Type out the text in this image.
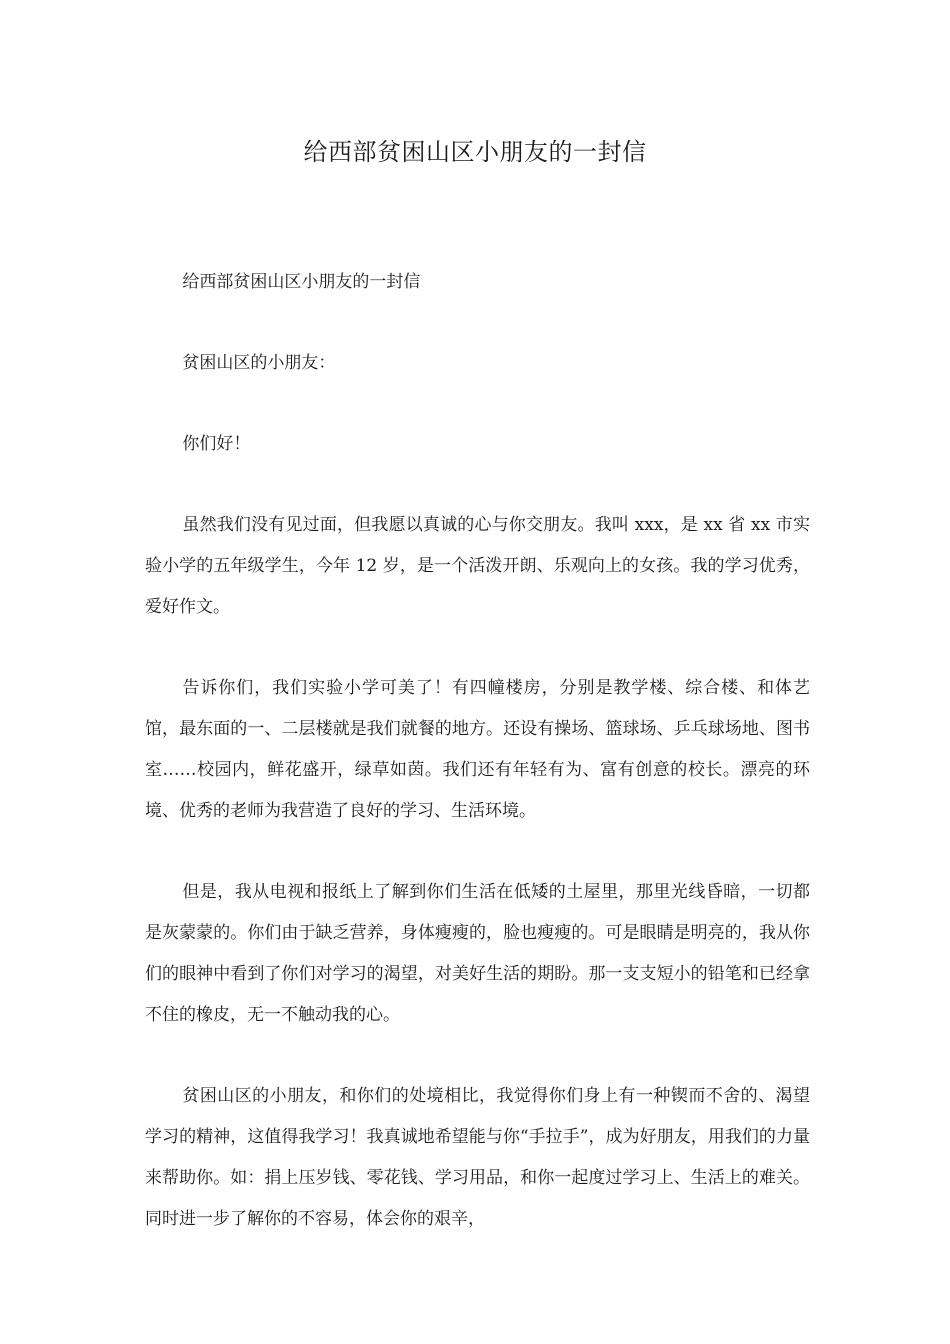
给西部贫困山区小朋友的一封信

给西部贫困山区小朋友的一封信

贫困山区的小朋友：

你们好！

虽然我们没有见过面，但我愿以真诚的心与你交朋友。我叫 xxx，是 xx 省 xx 市实验小学的五年级学生，今年 12 岁，是一个活泼开朗、乐观向上的女孩。我的学习优秀，爱好作文。

告诉你们，我们实验小学可美了！有四幢楼房，分别是教学楼、综合楼、和体艺馆，最东面的一、二层楼就是我们就餐的地方。还设有操场、篮球场、乒乓球场地、图书室……校园内，鲜花盛开，绿草如茵。我们还有年轻有为、富有创意的校长。漂亮的环境、优秀的老师为我营造了良好的学习、生活环境。

但是，我从电视和报纸上了解到你们生活在低矮的土屋里，那里光线昏暗，一切都是灰蒙蒙的。你们由于缺乏营养，身体瘦瘦的，脸也瘦瘦的。可是眼睛是明亮的，我从你们的眼神中看到了你们对学习的渴望，对美好生活的期盼。那一支支短小的铅笔和已经拿不住的橡皮，无一不触动我的心。

贫困山区的小朋友，和你们的处境相比，我觉得你们身上有一种锲而不舍的、渴望学习的精神，这值得我学习！我真诚地希望能与你“手拉手”，成为好朋友，用我们的力量来帮助你。如：捐上压岁钱、零花钱、学习用品，和你一起度过学习上、生活上的难关。同时进一步了解你的不容易，体会你的艰辛，
